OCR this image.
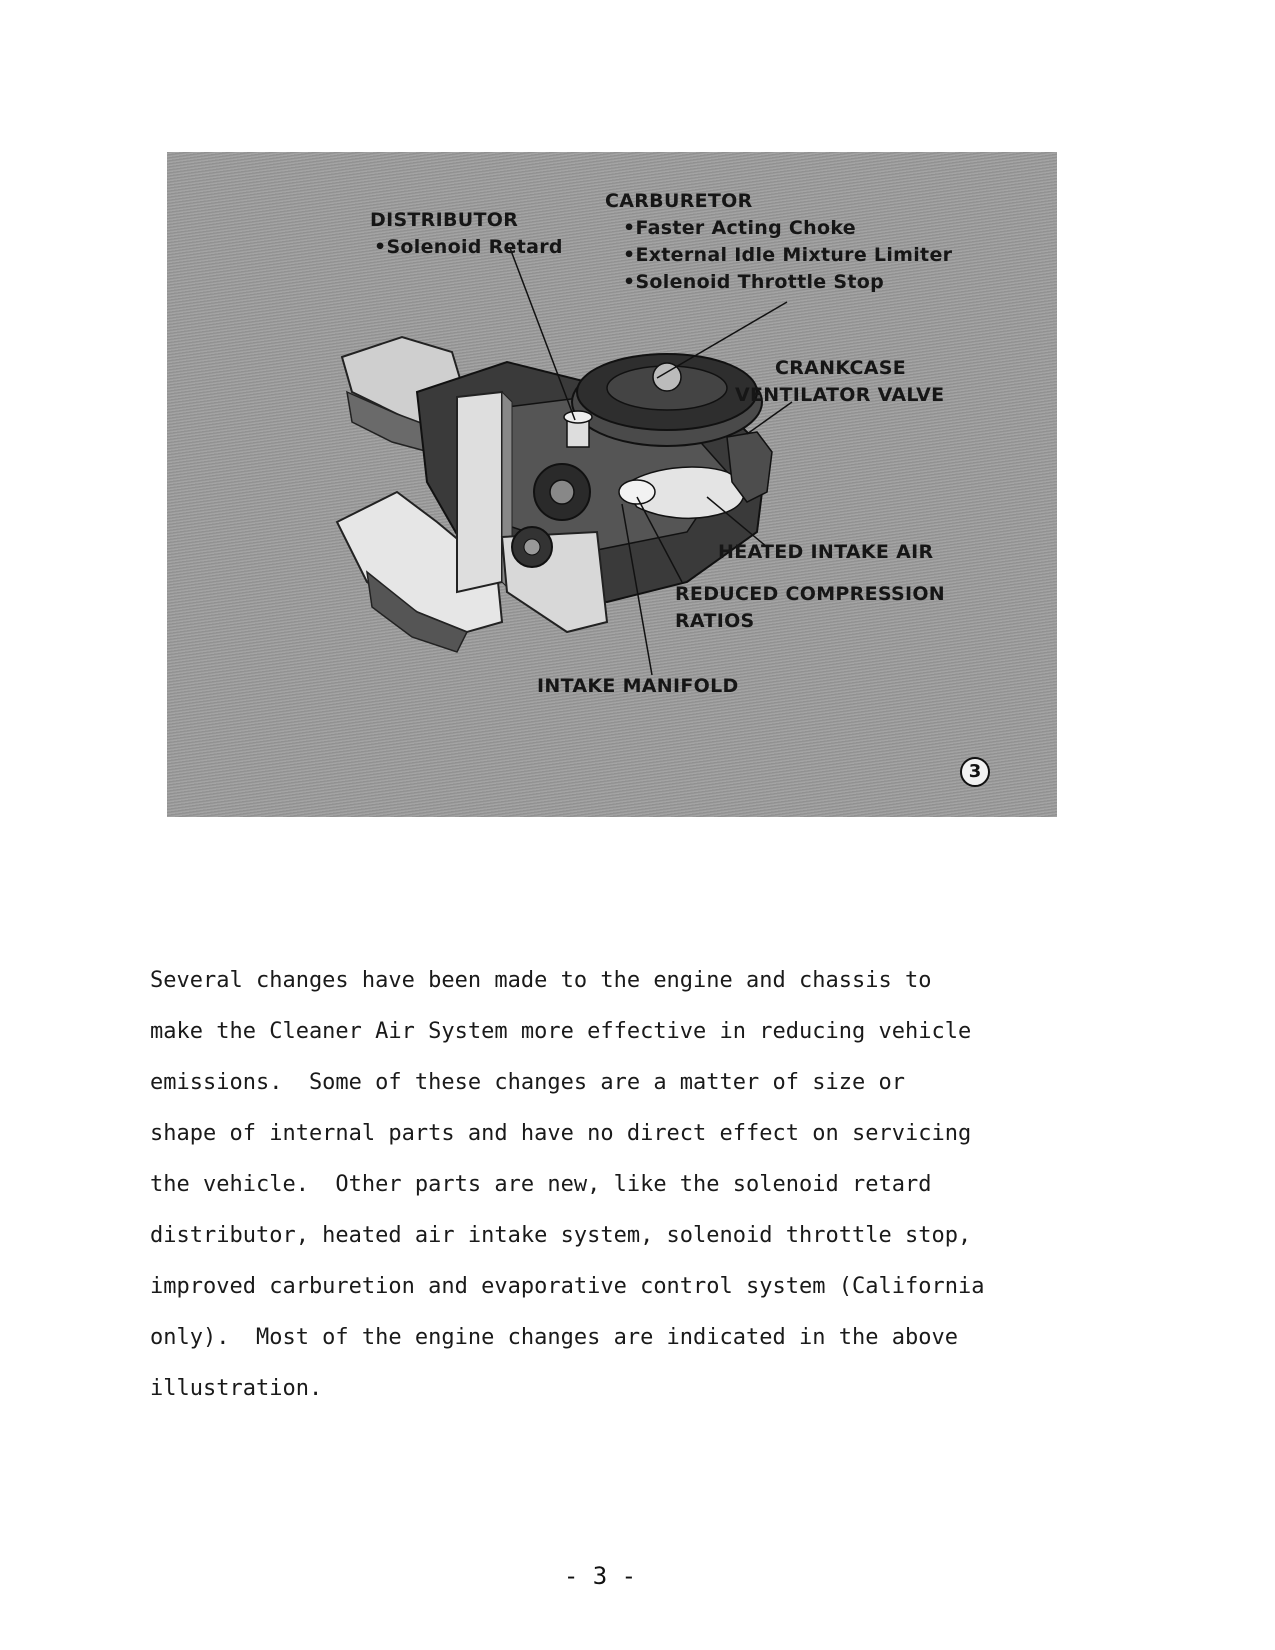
DISTRIBUTOR
•Solenoid Retard
CARBURETOR
•Faster Acting Choke
•External Idle Mixture Limiter
•Solenoid Throttle Stop
CRANKCASE
VENTILATOR VALVE
HEATED INTAKE AIR
REDUCED COMPRESSION
RATIOS
INTAKE MANIFOLD
3
Several changes have been made to the engine and chassis to
make the Cleaner Air System more effective in reducing vehicle
emissions.  Some of these changes are a matter of size or
shape of internal parts and have no direct effect on servicing
the vehicle.  Other parts are new, like the solenoid retard
distributor, heated air intake system, solenoid throttle stop,
improved carburetion and evaporative control system (California
only).  Most of the engine changes are indicated in the above
illustration.
- 3 -
